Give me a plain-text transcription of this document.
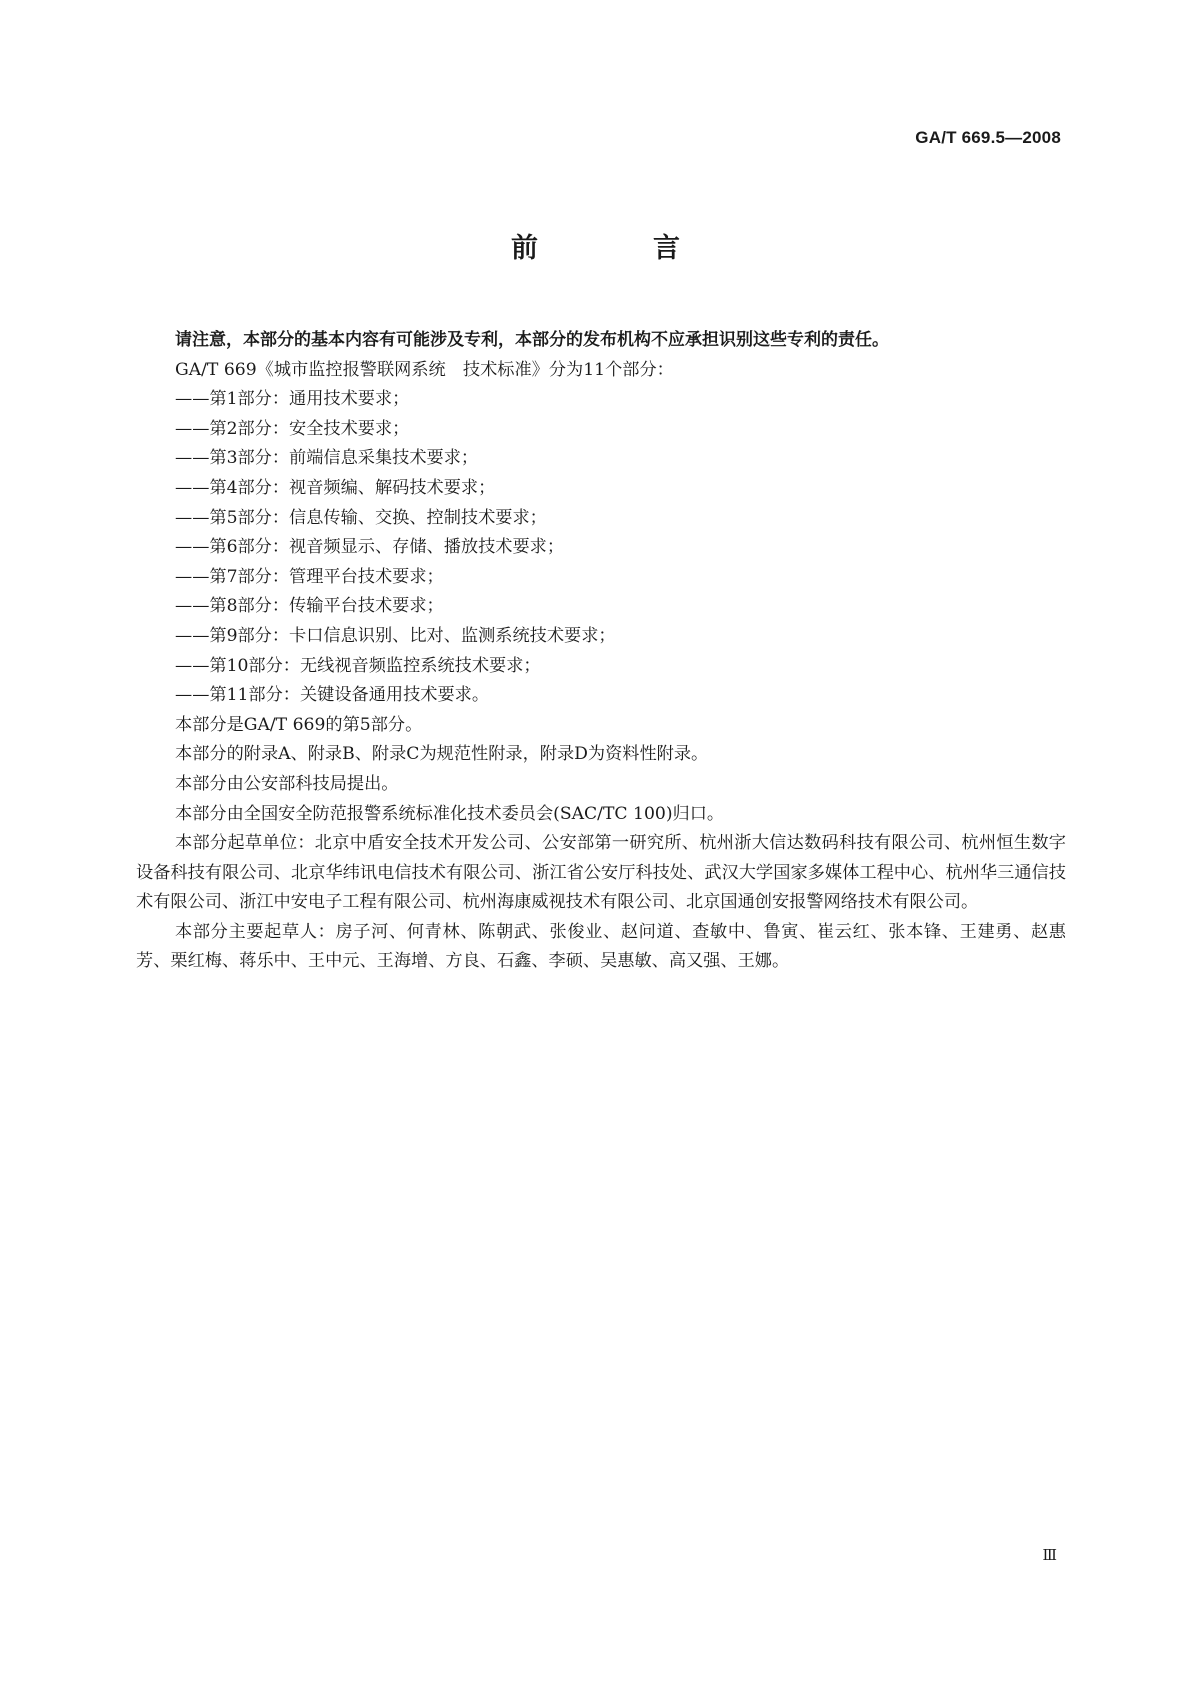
GA/T 669.5—2008
前　言

请注意，本部分的基本内容有可能涉及专利，本部分的发布机构不应承担识别这些专利的责任。

GA/T 669《城市监控报警联网系统　技术标准》分为11个部分：

——第1部分：通用技术要求；

——第2部分：安全技术要求；

——第3部分：前端信息采集技术要求；

——第4部分：视音频编、解码技术要求；

——第5部分：信息传输、交换、控制技术要求；

——第6部分：视音频显示、存储、播放技术要求；

——第7部分：管理平台技术要求；

——第8部分：传输平台技术要求；

——第9部分：卡口信息识别、比对、监测系统技术要求；

——第10部分：无线视音频监控系统技术要求；

——第11部分：关键设备通用技术要求。

本部分是GA/T 669的第5部分。

本部分的附录A、附录B、附录C为规范性附录，附录D为资料性附录。

本部分由公安部科技局提出。

本部分由全国安全防范报警系统标准化技术委员会(SAC/TC 100)归口。

本部分起草单位：北京中盾安全技术开发公司、公安部第一研究所、杭州浙大信达数码科技有限公司、杭州恒生数字设备科技有限公司、北京华纬讯电信技术有限公司、浙江省公安厅科技处、武汉大学国家多媒体工程中心、杭州华三通信技术有限公司、浙江中安电子工程有限公司、杭州海康威视技术有限公司、北京国通创安报警网络技术有限公司。

本部分主要起草人：房子河、何青林、陈朝武、张俊业、赵问道、查敏中、鲁寅、崔云红、张本锋、王建勇、赵惠芳、栗红梅、蒋乐中、王中元、王海增、方良、石鑫、李硕、吴惠敏、高又强、王娜。

Ⅲ
